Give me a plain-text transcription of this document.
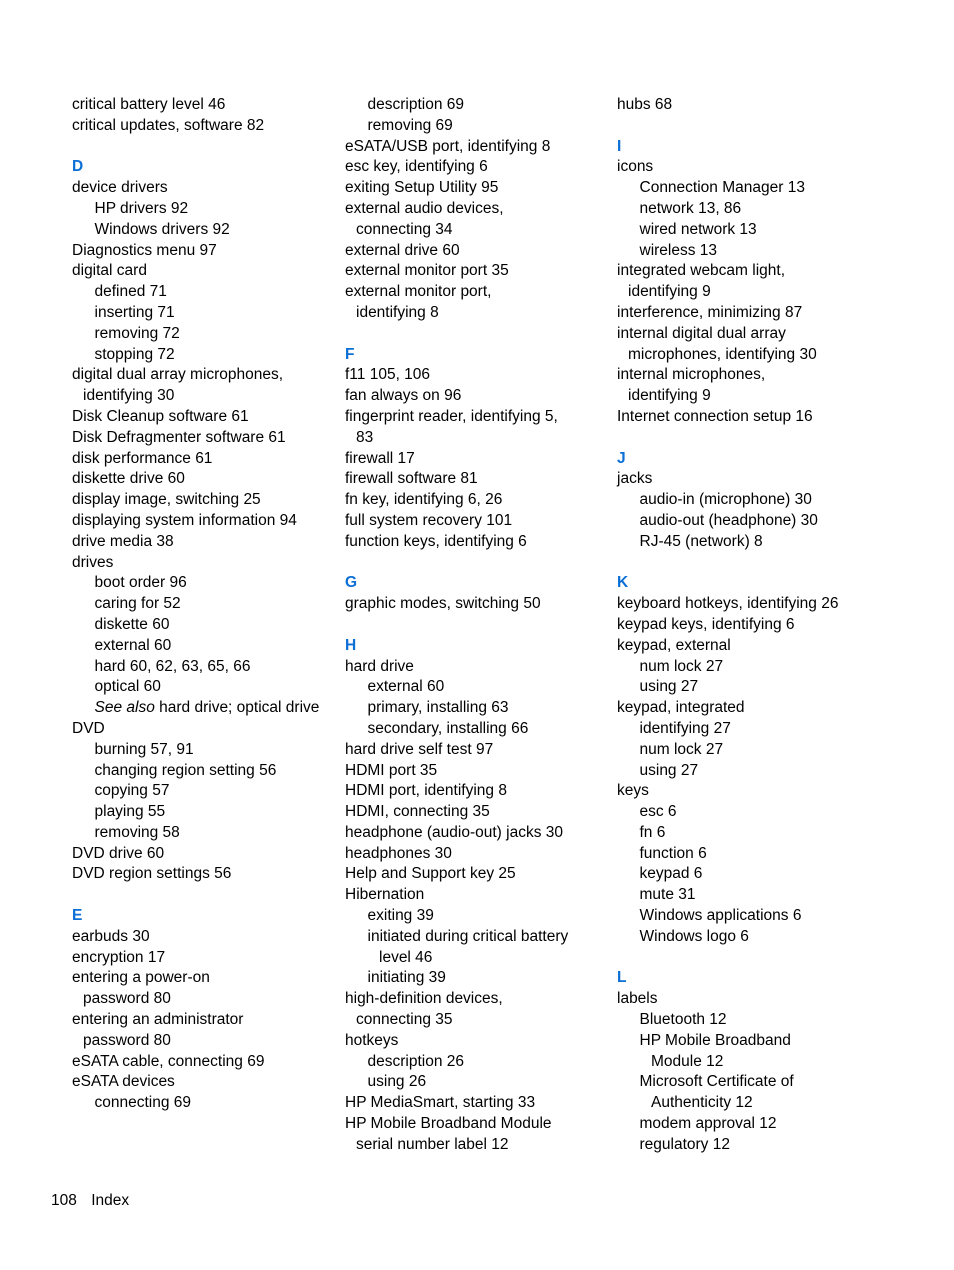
critical battery level 46
critical updates, software 82
D
device drivers
HP drivers 92
Windows drivers 92
Diagnostics menu 97
digital card
defined 71
inserting 71
removing 72
stopping 72
digital dual array microphones,
identifying 30
Disk Cleanup software 61
Disk Defragmenter software 61
disk performance 61
diskette drive 60
display image, switching 25
displaying system information 94
drive media 38
drives
boot order 96
caring for 52
diskette 60
external 60
hard 60, 62, 63, 65, 66
optical 60
See also hard drive; optical drive
DVD
burning 57, 91
changing region setting 56
copying 57
playing 55
removing 58
DVD drive 60
DVD region settings 56
E
earbuds 30
encryption 17
entering a power-on
password 80
entering an administrator
password 80
eSATA cable, connecting 69
eSATA devices
connecting 69
description 69
removing 69
eSATA/USB port, identifying 8
esc key, identifying 6
exiting Setup Utility 95
external audio devices,
connecting 34
external drive 60
external monitor port 35
external monitor port,
identifying 8
F
f11 105, 106
fan always on 96
fingerprint reader, identifying 5,
83
firewall 17
firewall software 81
fn key, identifying 6, 26
full system recovery 101
function keys, identifying 6
G
graphic modes, switching 50
H
hard drive
external 60
primary, installing 63
secondary, installing 66
hard drive self test 97
HDMI port 35
HDMI port, identifying 8
HDMI, connecting 35
headphone (audio-out) jacks 30
headphones 30
Help and Support key 25
Hibernation
exiting 39
initiated during critical battery
level 46
initiating 39
high-definition devices,
connecting 35
hotkeys
description 26
using 26
HP MediaSmart, starting 33
HP Mobile Broadband Module
serial number label 12
hubs 68
I
icons
Connection Manager 13
network 13, 86
wired network 13
wireless 13
integrated webcam light,
identifying 9
interference, minimizing 87
internal digital dual array
microphones, identifying 30
internal microphones,
identifying 9
Internet connection setup 16
J
jacks
audio-in (microphone) 30
audio-out (headphone) 30
RJ-45 (network) 8
K
keyboard hotkeys, identifying 26
keypad keys, identifying 6
keypad, external
num lock 27
using 27
keypad, integrated
identifying 27
num lock 27
using 27
keys
esc 6
fn 6
function 6
keypad 6
mute 31
Windows applications 6
Windows logo 6
L
labels
Bluetooth 12
HP Mobile Broadband
Module 12
Microsoft Certificate of
Authenticity 12
modem approval 12
regulatory 12
108 Index
